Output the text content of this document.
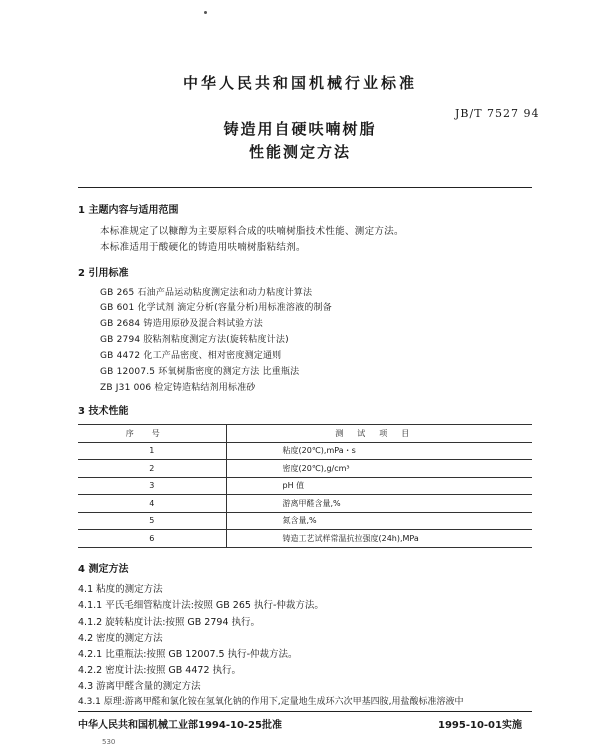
中华人民共和国机械行业标准
JB/T 7527 94
铸造用自硬呋喃树脂
性能测定方法
1 主题内容与适用范围
本标准规定了以糠醇为主要原料合成的呋喃树脂技术性能、测定方法。
本标准适用于酸硬化的铸造用呋喃树脂粘结剂。
2 引用标准
GB 265 石油产品运动粘度测定法和动力粘度计算法
GB 601 化学试剂 滴定分析(容量分析)用标准溶液的制备
GB 2684 铸造用原砂及混合料试验方法
GB 2794 胶粘剂粘度测定方法(旋转粘度计法)
GB 4472 化工产品密度、相对密度测定通则
GB 12007.5 环氧树脂密度的测定方法 比重瓶法
ZB J31 006 检定铸造粘结剂用标准砂
3 技术性能
序号	测试项目
1	粘度(20℃),mPa・s
2	密度(20℃),g/cm³
3	pH 值
4	游离甲醛含量,%
5	氮含量,%
6	铸造工艺试样常温抗拉强度(24h),MPa
4 测定方法
4.1 粘度的测定方法
4.1.1 平氏毛细管粘度计法:按照 GB 265 执行-仲裁方法。
4.1.2 旋转粘度计法:按照 GB 2794 执行。
4.2 密度的测定方法
4.2.1 比重瓶法:按照 GB 12007.5 执行-仲裁方法。
4.2.2 密度计法:按照 GB 4472 执行。
4.3 游离甲醛含量的测定方法
4.3.1 原理:游离甲醛和氯化铵在氢氧化钠的作用下,定量地生成环六次甲基四胺,用盐酸标准溶液中
中华人民共和国机械工业部1994-10-25批准	1995-10-01实施
530
